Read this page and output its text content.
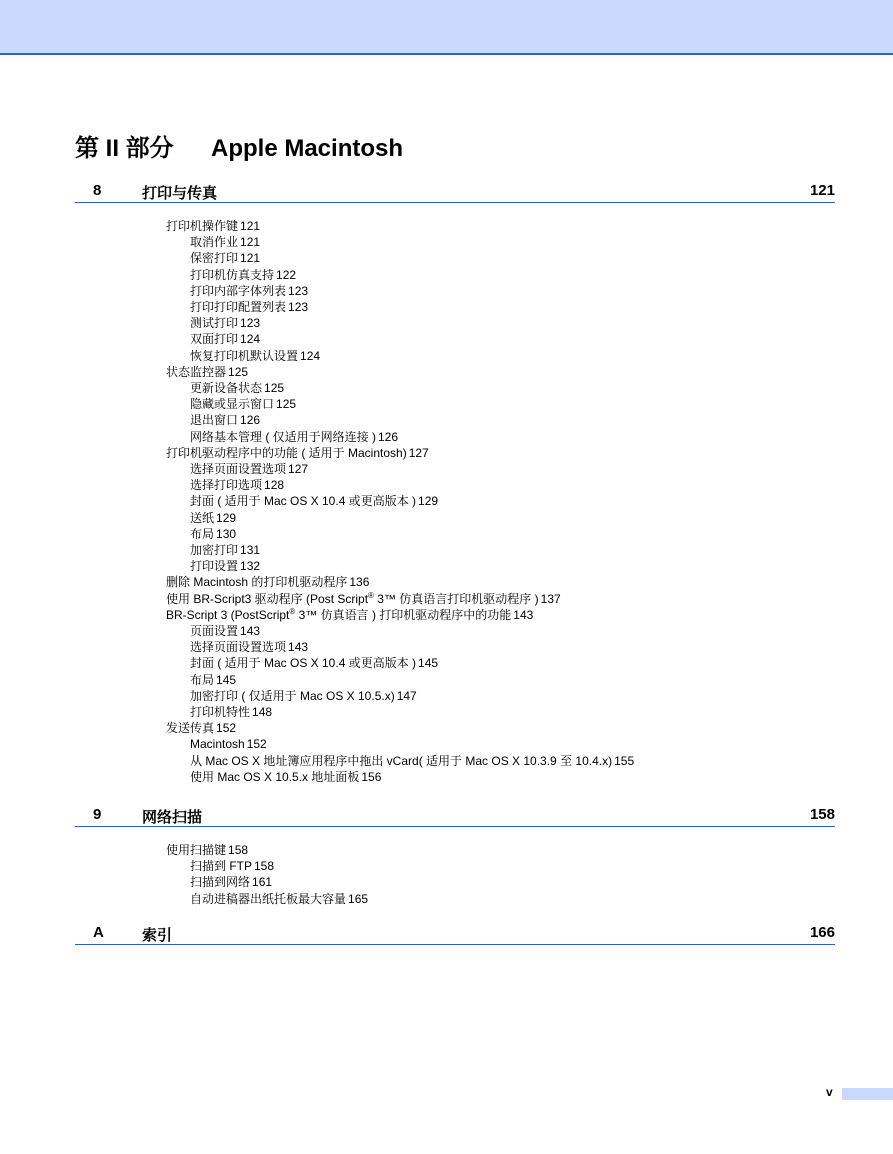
第 II 部分 Apple Macintosh
8	打印与传真	121
打印机操作键 121
取消作业 121
保密打印 121
打印机仿真支持 122
打印内部字体列表 123
打印打印配置列表 123
测试打印 123
双面打印 124
恢复打印机默认设置 124
状态监控器 125
更新设备状态 125
隐藏或显示窗口 125
退出窗口 126
网络基本管理 ( 仅适用于网络连接 ) 126
打印机驱动程序中的功能 ( 适用于 Macintosh) 127
选择页面设置选项 127
选择打印选项 128
封面 ( 适用于 Mac OS X 10.4 或更高版本 ) 129
送纸 129
布局 130
加密打印 131
打印设置 132
删除 Macintosh 的打印机驱动程序 136
使用 BR-Script3 驱动程序 (Post Script® 3™ 仿真语言打印机驱动程序 ) 137
BR-Script 3 (PostScript® 3™ 仿真语言 ) 打印机驱动程序中的功能 143
页面设置 143
选择页面设置选项 143
封面 ( 适用于 Mac OS X 10.4 或更高版本 ) 145
布局 145
加密打印 ( 仅适用于 Mac OS X 10.5.x) 147
打印机特性 148
发送传真 152
Macintosh 152
从 Mac OS X 地址簿应用程序中拖出 vCard( 适用于 Mac OS X 10.3.9 至 10.4.x) 155
使用 Mac OS X 10.5.x 地址面板 156
9	网络扫描	158
使用扫描键 158
扫描到 FTP 158
扫描到网络 161
自动进稿器出纸托板最大容量 165
A	索引	166
v
